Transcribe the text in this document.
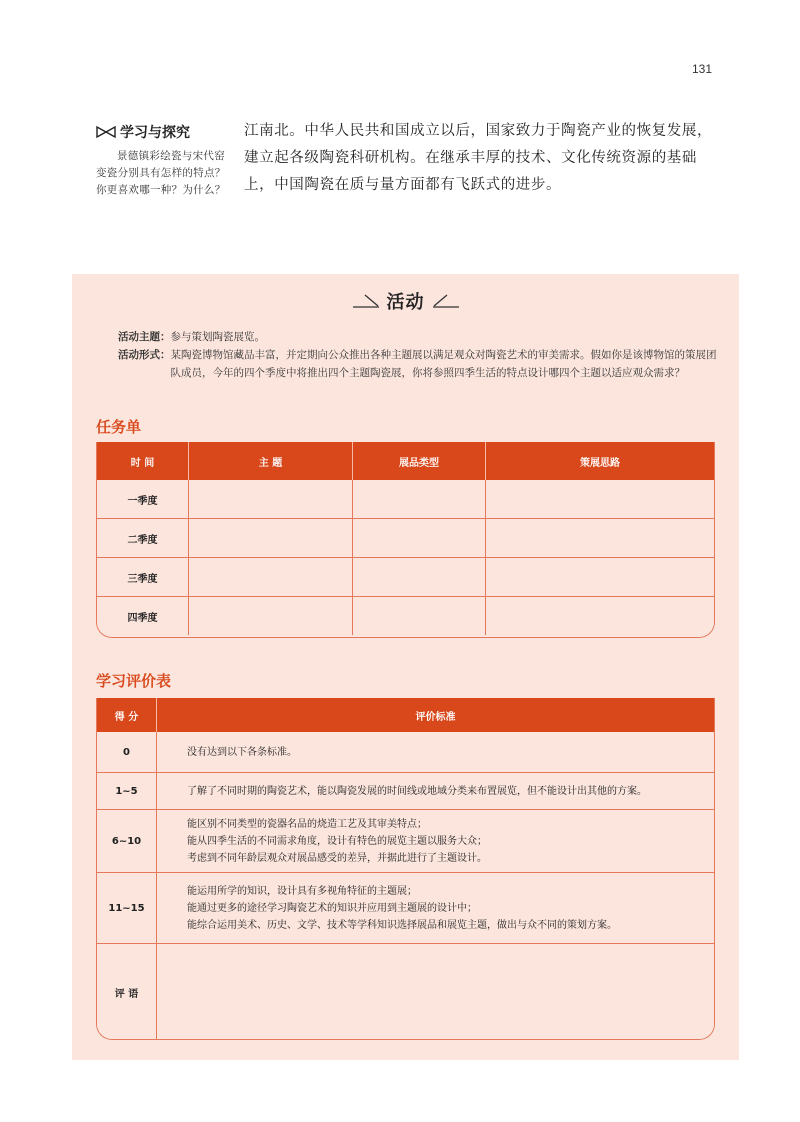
131
学习与探究
景德镇彩绘瓷与宋代窑变瓷分别具有怎样的特点？你更喜欢哪一种？为什么？

江南北。中华人民共和国成立以后，国家致力于陶瓷产业的恢复发展，建立起各级陶瓷科研机构。在继承丰厚的技术、文化传统资源的基础上，中国陶瓷在质与量方面都有飞跃式的进步。

活动
活动主题： 参与策划陶瓷展览。
活动形式： 某陶瓷博物馆藏品丰富，并定期向公众推出各种主题展以满足观众对陶瓷艺术的审美需求。假如你是该博物馆的策展团队成员，今年的四个季度中将推出四个主题陶瓷展，你将参照四季生活的特点设计哪四个主题以适应观众需求？
任务单
时 间	主 题	展品类型	策展思路
一季度			
二季度			
三季度			
四季度			
学习评价表
得 分	评价标准
0	没有达到以下各条标准。

1~5	了解了不同时期的陶瓷艺术，能以陶瓷发展的时间线或地域分类来布置展览，但不能设计出其他的方案。

6~10	能区别不同类型的瓷器名品的烧造工艺及其审美特点；
能从四季生活的不同需求角度，设计有特色的展览主题以服务大众；
考虑到不同年龄层观众对展品感受的差异，并据此进行了主题设计。

11~15	能运用所学的知识，设计具有多视角特征的主题展；
能通过更多的途径学习陶瓷艺术的知识并应用到主题展的设计中；
能综合运用美术、历史、文学、技术等学科知识选择展品和展览主题，做出与众不同的策划方案。

评 语	
